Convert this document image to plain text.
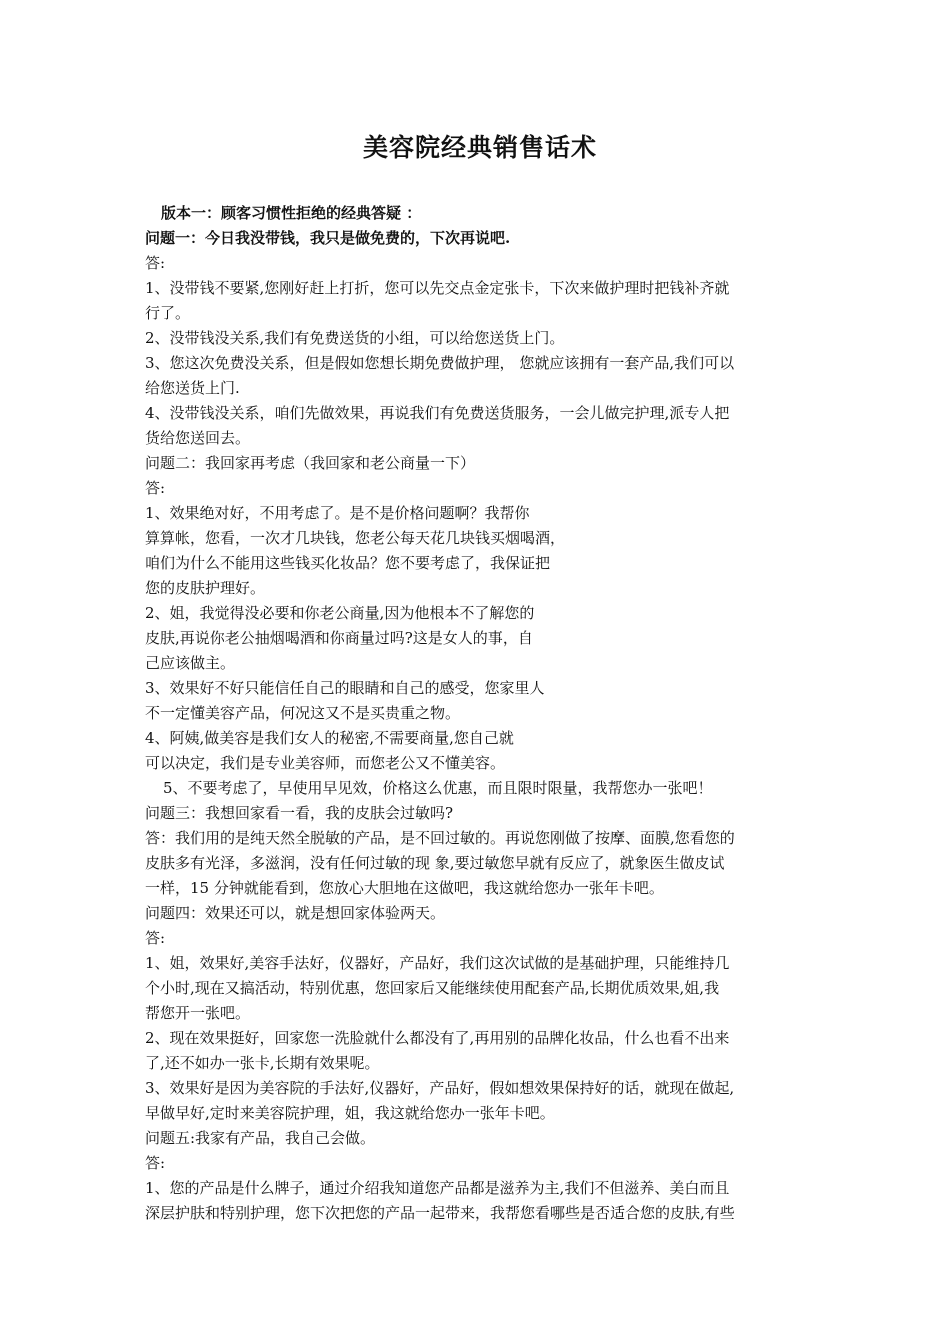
美容院经典销售话术

版本一：顾客习惯性拒绝的经典答疑 ：

问题一：今日我没带钱，我只是做免费的，下次再说吧.

答:

1、没带钱不要紧,您刚好赶上打折，您可以先交点金定张卡，下次来做护理时把钱补齐就

行了。

2、没带钱没关系,我们有免费送货的小组，可以给您送货上门。

3、您这次免费没关系，但是假如您想长期免费做护理， 您就应该拥有一套产品,我们可以

给您送货上门.

4、没带钱没关系，咱们先做效果，再说我们有免费送货服务，一会儿做完护理,派专人把

货给您送回去。

问题二：我回家再考虑（我回家和老公商量一下）

答:

1、效果绝对好，不用考虑了。是不是价格问题啊？我帮你

算算帐，您看，一次才几块钱，您老公每天花几块钱买烟喝酒，

咱们为什么不能用这些钱买化妆品？您不要考虑了，我保证把

您的皮肤护理好。

2、姐，我觉得没必要和你老公商量,因为他根本不了解您的

皮肤,再说你老公抽烟喝酒和你商量过吗?这是女人的事，自

己应该做主。

3、效果好不好只能信任自己的眼睛和自己的感受，您家里人

不一定懂美容产品，何况这又不是买贵重之物。

4、阿姨,做美容是我们女人的秘密,不需要商量,您自己就

可以决定，我们是专业美容师，而您老公又不懂美容。

5、不要考虑了，早使用早见效，价格这么优惠，而且限时限量，我帮您办一张吧！

问题三：我想回家看一看，我的皮肤会过敏吗?

答：我们用的是纯天然全脱敏的产品，是不回过敏的。再说您刚做了按摩、面膜,您看您的

皮肤多有光泽，多滋润，没有任何过敏的现 象,要过敏您早就有反应了，就象医生做皮试

一样，15 分钟就能看到，您放心大胆地在这做吧，我这就给您办一张年卡吧。

问题四：效果还可以，就是想回家体验两天。

答:

1、姐，效果好,美容手法好，仪器好，产品好，我们这次试做的是基础护理，只能维持几

个小时,现在又搞活动，特别优惠，您回家后又能继续使用配套产品,长期优质效果,姐,我

帮您开一张吧。

2、现在效果挺好，回家您一洗脸就什么都没有了,再用别的品牌化妆品，什么也看不出来

了,还不如办一张卡,长期有效果呢。

3、效果好是因为美容院的手法好,仪器好，产品好，假如想效果保持好的话，就现在做起,

早做早好,定时来美容院护理，姐，我这就给您办一张年卡吧。

问题五:我家有产品，我自己会做。

答:

1、您的产品是什么牌子，通过介绍我知道您产品都是滋养为主,我们不但滋养、美白而且

深层护肤和特别护理，您下次把您的产品一起带来，我帮您看哪些是否适合您的皮肤,有些
